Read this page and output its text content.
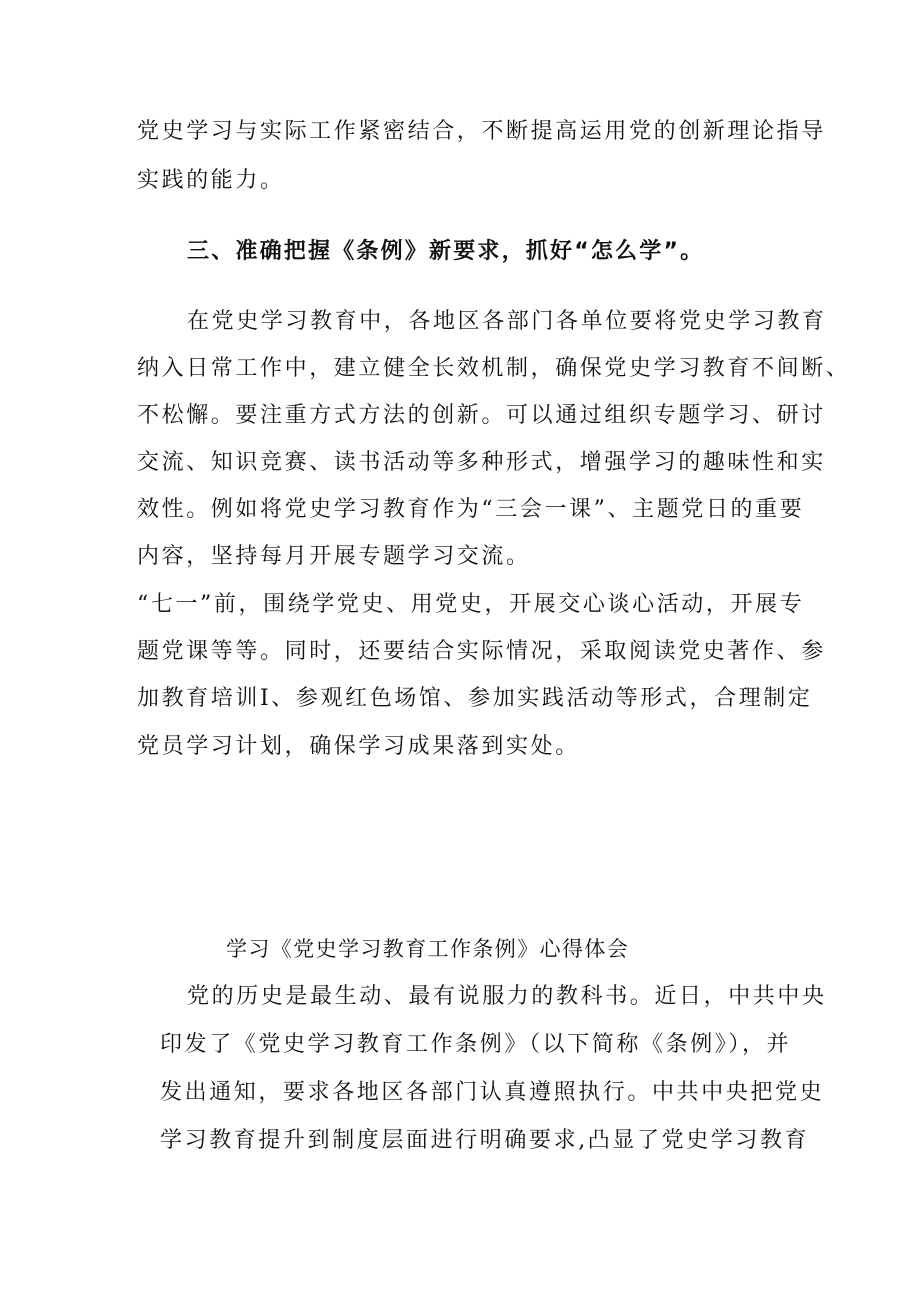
党史学习与实际工作紧密结合，不断提高运用党的创新理论指导
实践的能力。
三、准确把握《条例》新要求，抓好“怎么学”。
在党史学习教育中，各地区各部门各单位要将党史学习教育
纳入日常工作中，建立健全长效机制，确保党史学习教育不间断、
不松懈。要注重方式方法的创新。可以通过组织专题学习、研讨
交流、知识竞赛、读书活动等多种形式，增强学习的趣味性和实
效性。例如将党史学习教育作为“三会一课”、主题党日的重要
内容，坚持每月开展专题学习交流。
“七一”前，围绕学党史、用党史，开展交心谈心活动，开展专
题党课等等。同时，还要结合实际情况，采取阅读党史著作、参
加教育培训I、参观红色场馆、参加实践活动等形式，合理制定
党员学习计划，确保学习成果落到实处。
学习《党史学习教育工作条例》心得体会
党的历史是最生动、最有说服力的教科书。近日，中共中央
印发了《党史学习教育工作条例》（以下简称《条例》），并
发出通知，要求各地区各部门认真遵照执行。中共中央把党史
学习教育提升到制度层面进行明确要求,凸显了党史学习教育
